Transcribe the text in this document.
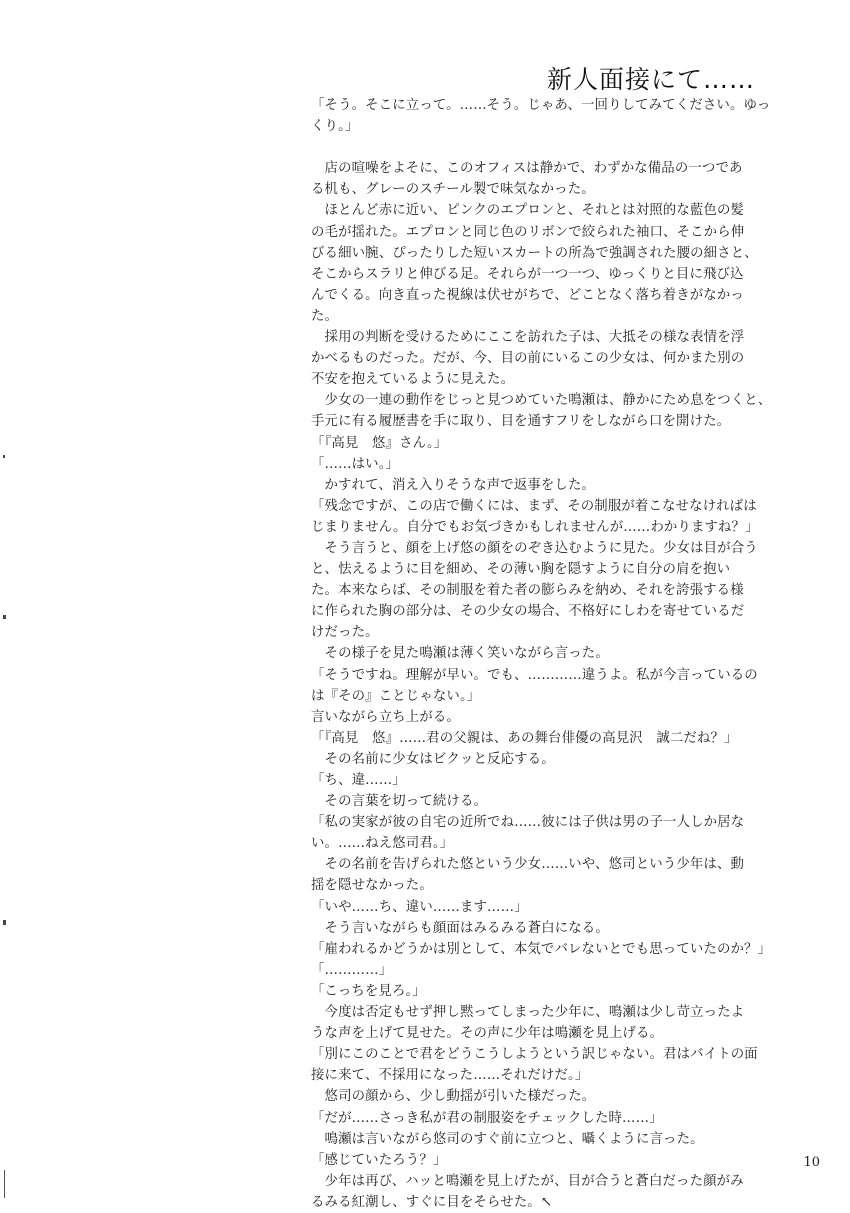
新人面接にて……
「そう。そこに立って。……そう。じゃあ、一回りしてみてください。ゆっ
くり。」
　店の喧噪をよそに、このオフィスは静かで、わずかな備品の一つであ
る机も、グレーのスチール製で味気なかった。
　ほとんど赤に近い、ピンクのエプロンと、それとは対照的な藍色の髪
の毛が揺れた。エプロンと同じ色のリボンで絞られた袖口、そこから伸
びる細い腕、ぴったりした短いスカートの所為で強調された腰の細さと、
そこからスラリと伸びる足。それらが一つ一つ、ゆっくりと目に飛び込
んでくる。向き直った視線は伏せがちで、どことなく落ち着きがなかっ
た。
　採用の判断を受けるためにここを訪れた子は、大抵その様な表情を浮
かべるものだった。だが、今、目の前にいるこの少女は、何かまた別の
不安を抱えているように見えた。
　少女の一連の動作をじっと見つめていた鳴瀬は、静かにため息をつくと、
手元に有る履歴書を手に取り、目を通すフリをしながら口を開けた。
「『高見　悠』さん。」
「……はい。」
　かすれて、消え入りそうな声で返事をした。
「残念ですが、この店で働くには、まず、その制服が着こなせなければは
じまりません。自分でもお気づきかもしれませんが……わかりますね？」
　そう言うと、顔を上げ悠の顔をのぞき込むように見た。少女は目が合う
と、怯えるように目を細め、その薄い胸を隠すように自分の肩を抱い
た。本来ならば、その制服を着た者の膨らみを納め、それを誇張する様
に作られた胸の部分は、その少女の場合、不格好にしわを寄せているだ
けだった。
　その様子を見た鳴瀬は薄く笑いながら言った。
「そうですね。理解が早い。でも、…………違うよ。私が今言っているの
は『その』ことじゃない。」
言いながら立ち上がる。
「『高見　悠』……君の父親は、あの舞台俳優の高見沢　誠二だね？」
　その名前に少女はビクッと反応する。
「ち、違……」
　その言葉を切って続ける。
「私の実家が彼の自宅の近所でね……彼には子供は男の子一人しか居な
い。……ねえ悠司君。」
　その名前を告げられた悠という少女……いや、悠司という少年は、動
揺を隠せなかった。
「いや……ち、違い……ます……」
　そう言いながらも顔面はみるみる蒼白になる。
「雇われるかどうかは別として、本気でバレないとでも思っていたのか？」
「…………」
「こっちを見ろ。」
　今度は否定もせず押し黙ってしまった少年に、鳴瀬は少し苛立ったよ
うな声を上げて見せた。その声に少年は鳴瀬を見上げる。
「別にこのことで君をどうこうしようという訳じゃない。君はバイトの面
接に来て、不採用になった……それだけだ。」
　悠司の顔から、少し動揺が引いた様だった。
「だが……さっき私が君の制服姿をチェックした時……」
　鳴瀬は言いながら悠司のすぐ前に立つと、囁くように言った。
「感じていたろう？」
　少年は再び、ハッと鳴瀬を見上げたが、目が合うと蒼白だった顔がみ
るみる紅潮し、すぐに目をそらせた。↖
10
